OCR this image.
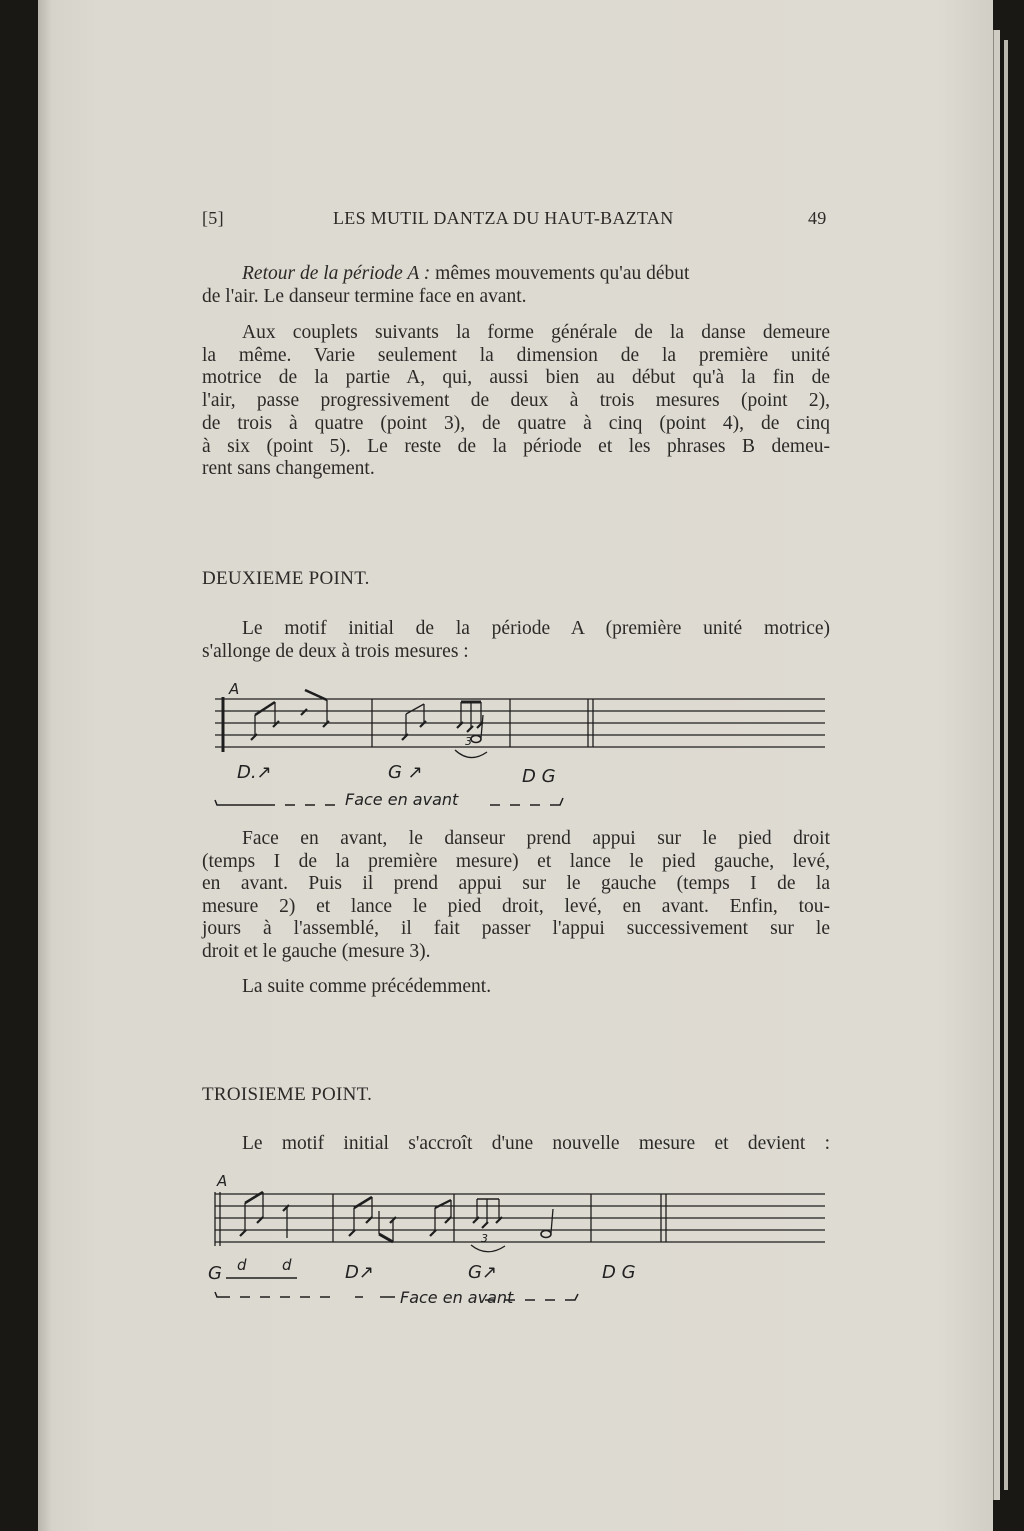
[5]	LES MUTIL DANTZA DU HAUT-BAZTAN	49
Retour de la période A : mêmes mouvements qu'au début
de l'air. Le danseur termine face en avant.
Aux couplets suivants la forme générale de la danse demeure
la même. Varie seulement la dimension de la première unité
motrice de la partie A, qui, aussi bien au début qu'à la fin de
l'air, passe progressivement de deux à trois mesures (point 2),
de trois à quatre (point 3), de quatre à cinq (point 4), de cinq
à six (point 5). Le reste de la période et les phrases B demeu-
rent sans changement.
DEUXIEME POINT.
Le motif initial de la période A (première unité motrice)
s'allonge de deux à trois mesures :
A
3
D.↗	G ↗	D G
Face en avant
Face en avant, le danseur prend appui sur le pied droit
(temps I de la première mesure) et lance le pied gauche, levé,
en avant. Puis il prend appui sur le gauche (temps I de la
mesure 2) et lance le pied droit, levé, en avant. Enfin, tou-
jours à l'assemblé, il fait passer l'appui successivement sur le
droit et le gauche (mesure 3).
La suite comme précédemment.
TROISIEME POINT.
Le motif initial s'accroît d'une nouvelle mesure et devient :
A
3
G d d	D↗	G↗	D G
Face en avant
